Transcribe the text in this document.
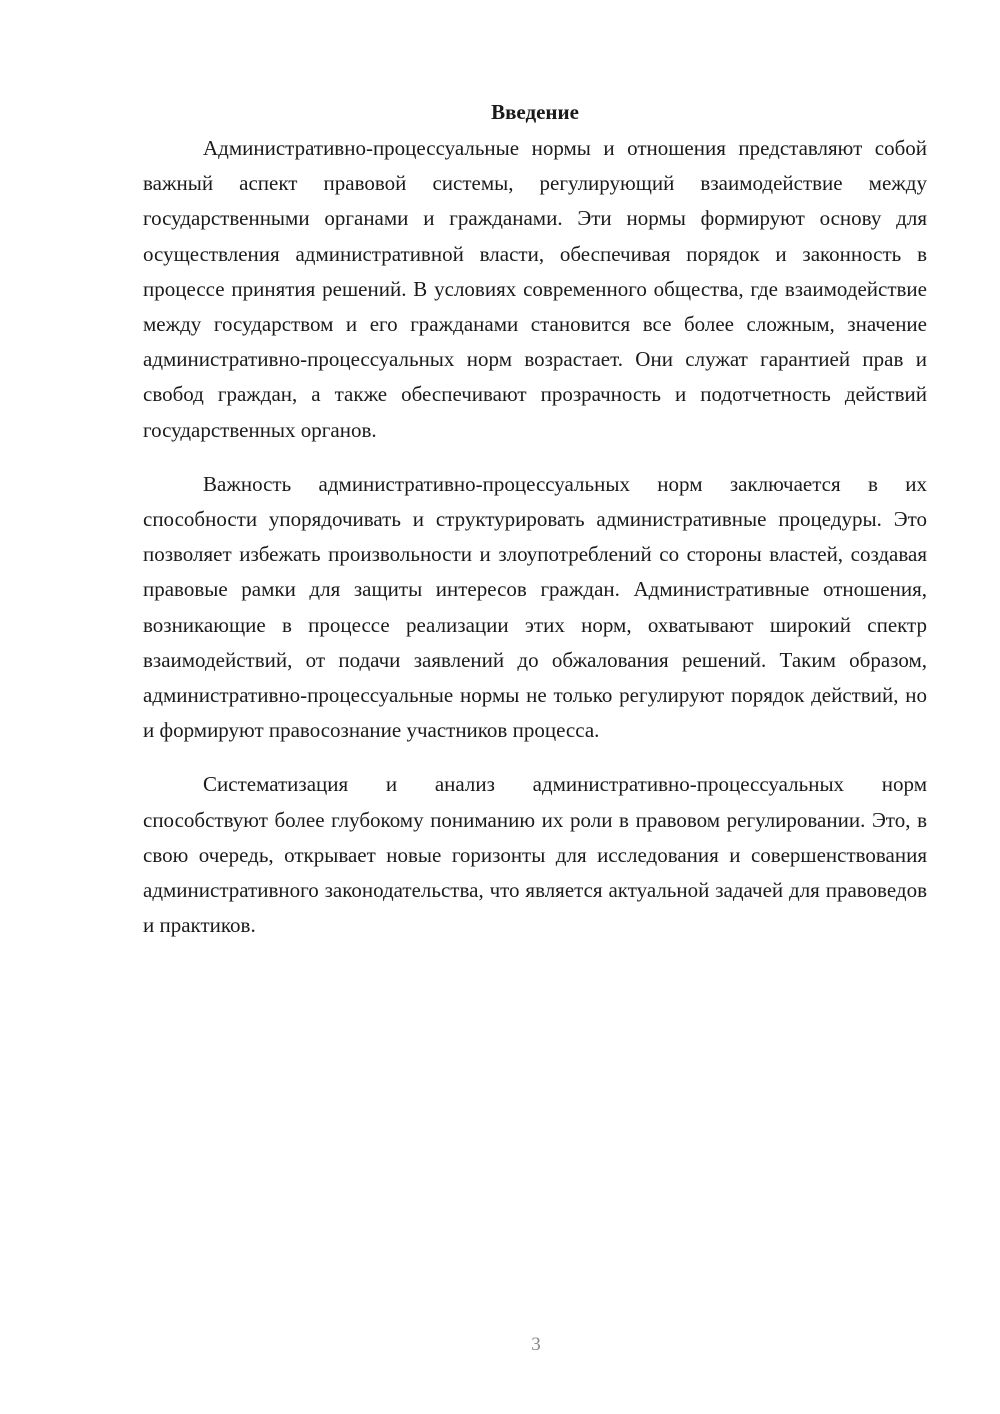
Введение

Административно-процессуальные нормы и отношения представляют собой важный аспект правовой системы, регулирующий взаимодействие между государственными органами и гражданами. Эти нормы формируют основу для осуществления административной власти, обеспечивая порядок и законность в процессе принятия решений. В условиях современного общества, где взаимодействие между государством и его гражданами становится все более сложным, значение административно-процессуальных норм возрастает. Они служат гарантией прав и свобод граждан, а также обеспечивают прозрачность и подотчетность действий государственных органов.

Важность административно-процессуальных норм заключается в их способности упорядочивать и структурировать административные процедуры. Это позволяет избежать произвольности и злоупотреблений со стороны властей, создавая правовые рамки для защиты интересов граждан. Административные отношения, возникающие в процессе реализации этих норм, охватывают широкий спектр взаимодействий, от подачи заявлений до обжалования решений. Таким образом, административно-процессуальные нормы не только регулируют порядок действий, но и формируют правосознание участников процесса.

Систематизация и анализ административно-процессуальных норм способствуют более глубокому пониманию их роли в правовом регулировании. Это, в свою очередь, открывает новые горизонты для исследования и совершенствования административного законодательства, что является актуальной задачей для правоведов и практиков.

3
